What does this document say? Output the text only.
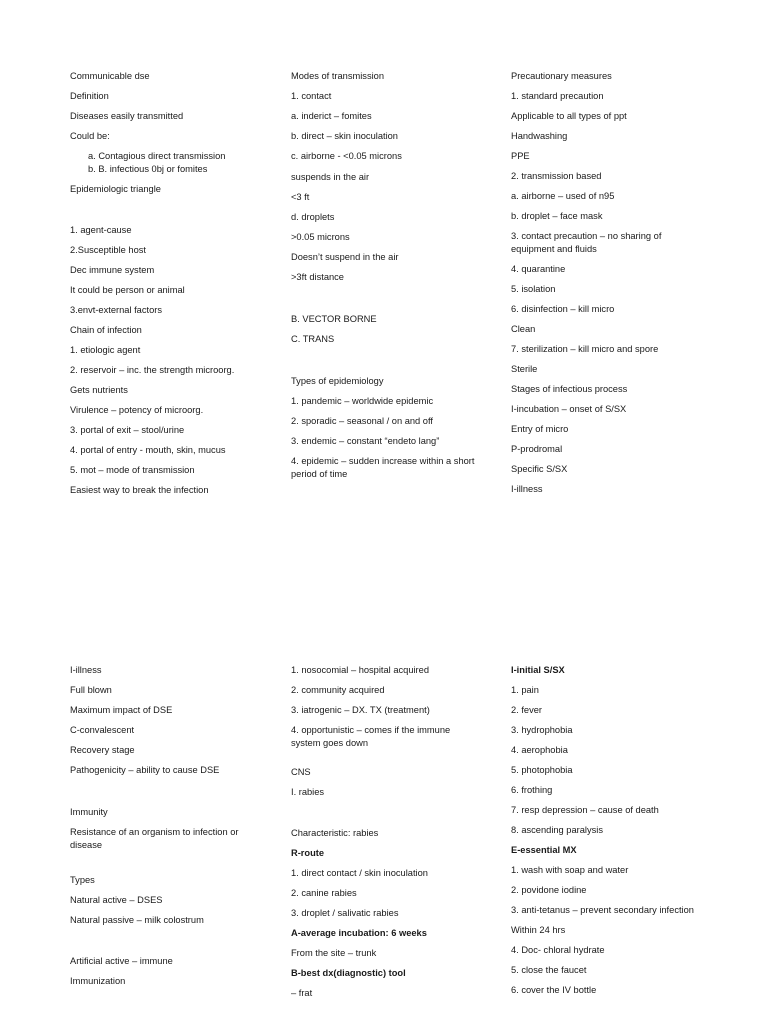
Communicable dse

Definition

Diseases easily transmitted

Could be:

a. Contagious direct transmission
b. B. infectious 0bj or fomites

Epidemiologic triangle

1. agent-cause

2.Susceptible host

Dec immune system

It could be person or animal

3.envt-external factors

Chain of infection

1. etiologic agent

2. reservoir – inc. the strength microorg.

Gets nutrients

Virulence – potency of microorg.

3. portal of exit – stool/urine

4. portal of entry - mouth, skin, mucus

5. mot – mode of transmission

Easiest way to break the infection

Modes of transmission

1. contact

a. inderict – fomites

b. direct – skin inoculation

c. airborne - <0.05 microns

suspends in the air

<3 ft

d. droplets

>0.05 microns

Doesn’t suspend in the air

>3ft distance

B. VECTOR BORNE

C. TRANS

Types of epidemiology

1. pandemic – worldwide epidemic

2. sporadic – seasonal / on and off

3. endemic – constant “endeto lang”

4. epidemic – sudden increase within a short period of time

Precautionary measures

1. standard precaution

Applicable to all types of ppt

Handwashing

PPE

2. transmission based

a. airborne – used of n95

b. droplet – face mask

3. contact precaution – no sharing of equipment and fluids

4. quarantine

5. isolation

6. disinfection – kill micro

Clean

7. sterilization – kill micro and spore

Sterile

Stages of infectious process

I-incubation – onset of S/SX

Entry of micro

P-prodromal

Specific S/SX

I-illness

I-illness

Full blown

Maximum impact of DSE

C-convalescent

Recovery stage

Pathogenicity – ability to cause DSE

Immunity

Resistance of an organism to infection or disease

Types

Natural active – DSES

Natural passive – milk colostrum

Artificial active – immune

Immunization

1. nosocomial – hospital acquired

2. community acquired

3. iatrogenic – DX. TX (treatment)

4. opportunistic – comes if the immune system goes down

CNS

I. rabies

Characteristic: rabies

R-route

1. direct contact / skin inoculation

2. canine rabies

3. droplet / salivatic rabies

A-average incubation: 6 weeks

From the site – trunk

B-best dx(diagnostic) tool

– frat

I-initial S/SX

1. pain

2. fever

3. hydrophobia

4. aerophobia

5. photophobia

6. frothing

7. resp depression – cause of death

8. ascending paralysis

E-essential MX

1. wash with soap and water

2. povidone iodine

3. anti-tetanus – prevent secondary infection

Within 24 hrs

4. Doc- chloral hydrate

5. close the faucet

6. cover the IV bottle
